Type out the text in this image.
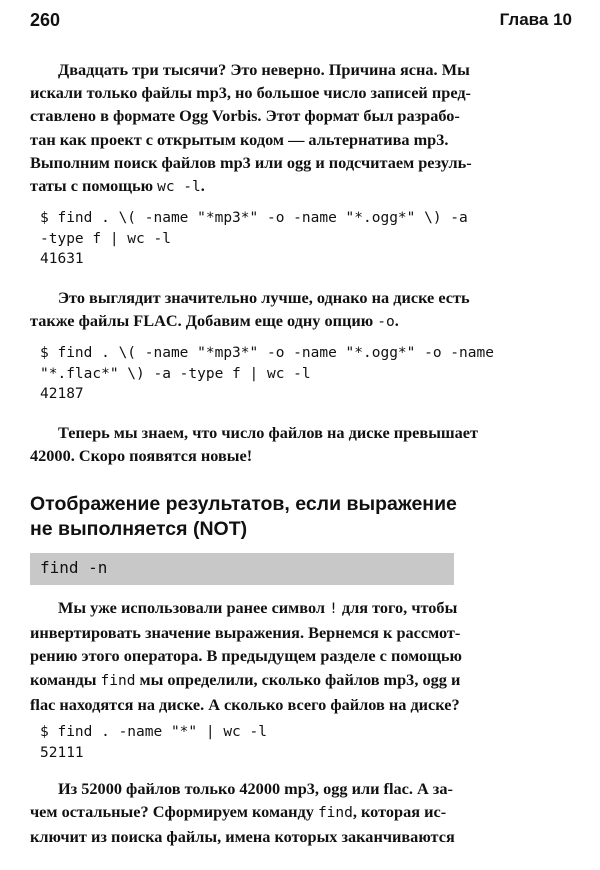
260	Глава 10

Двадцать три тысячи? Это неверно. Причина ясна. Мы
искали только файлы mp3, но большое число записей пред-
ставлено в формате Ogg Vorbis. Этот формат был разрабо-
тан как проект с открытым кодом — альтернатива mp3.
Выполним поиск файлов mp3 или ogg и подсчитаем резуль-
таты с помощью wc -l.

$ find . \( -name "*mp3*" -o -name "*.ogg*" \) -a
-type f | wc -l
41631

Это выглядит значительно лучше, однако на диске есть
также файлы FLAC. Добавим еще одну опцию -o.

$ find . \( -name "*mp3*" -o -name "*.ogg*" -o -name
"*.flac*" \) -a -type f | wc -l
42187

Теперь мы знаем, что число файлов на диске превышает
42000. Скоро появятся новые!

Отображение результатов, если выражение
не выполняется (NOT)
find -n

Мы уже использовали ранее символ ! для того, чтобы
инвертировать значение выражения. Вернемся к рассмот-
рению этого оператора. В предыдущем разделе с помощью
команды find мы определили, сколько файлов mp3, ogg и
flac находятся на диске. А сколько всего файлов на диске?

$ find . -name "*" | wc -l
52111

Из 52000 файлов только 42000 mp3, ogg или flac. А за-
чем остальные? Сформируем команду find, которая ис-
ключит из поиска файлы, имена которых заканчиваются
